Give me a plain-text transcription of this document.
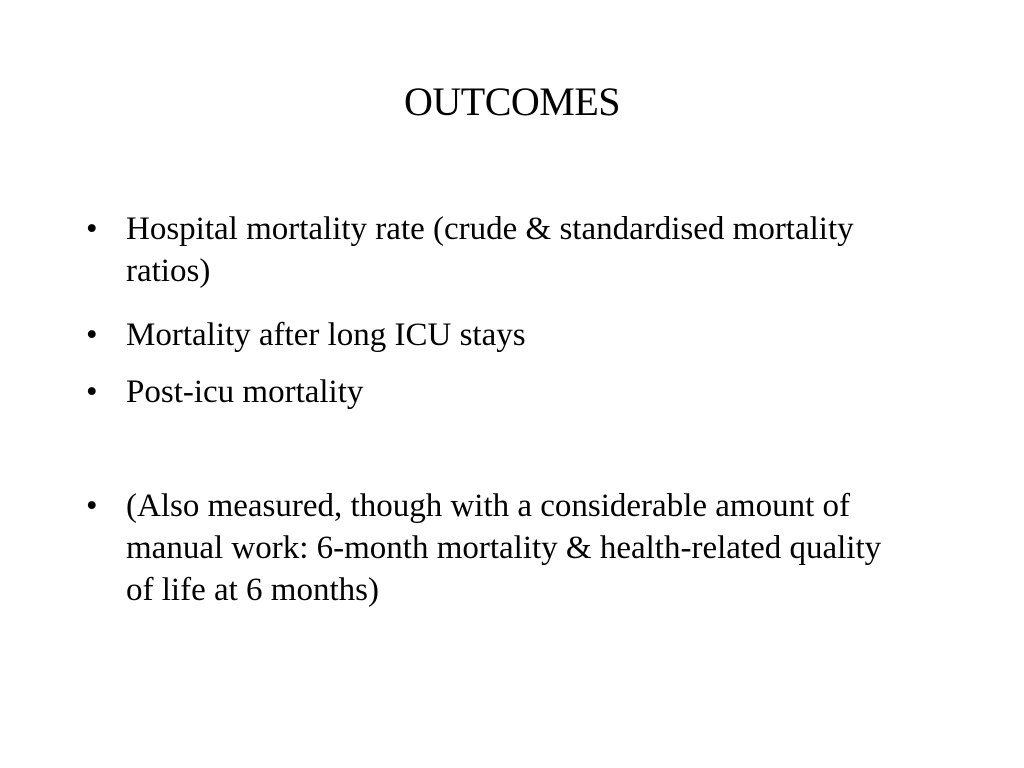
OUTCOMES
• Hospital mortality rate (crude & standardised mortality ratios)
• Mortality after long ICU stays
• Post-icu mortality
• (Also measured, though with a considerable amount of manual work: 6-month mortality & health-related quality of life at 6 months)
